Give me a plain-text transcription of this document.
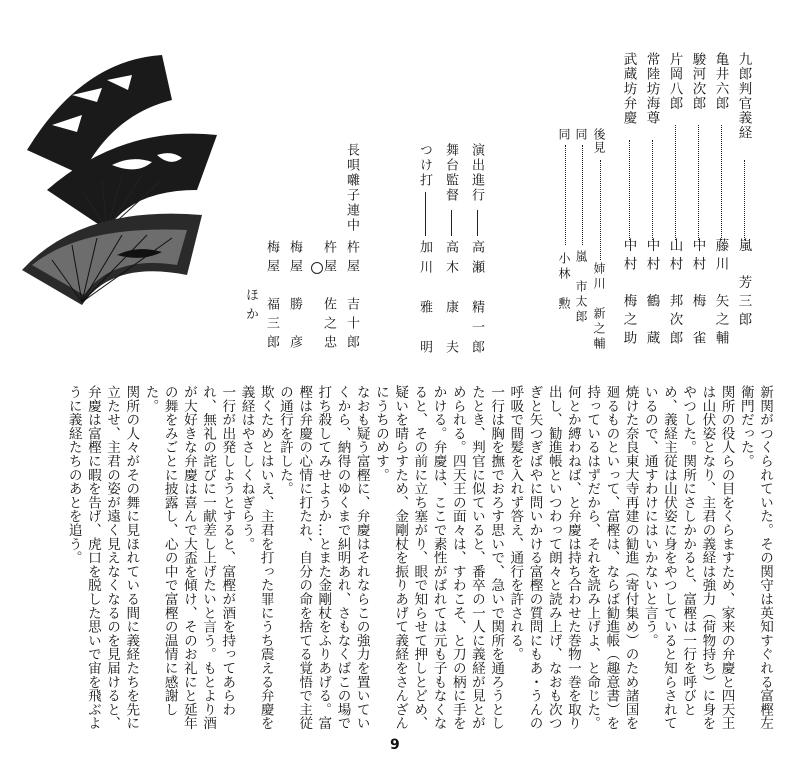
九郎判官義経
嵐　芳三郎
亀井六郎
藤川　矢之輔
駿河次郎
中村　梅　雀
片岡八郎
山村　邦次郎
常陸坊海尊
中村　鶴　蔵
武蔵坊弁慶
中村　梅之助
後見
姉川　新之輔
同
嵐　市太郎
同
小林　勲
演出進行
高瀬　精一郎
舞台監督
高木　康　夫
つけ打
加川　雅　明
長唄囃子連中
杵屋　吉十郎
杵屋　佐之忠
梅屋　勝　彦
梅屋　福三郎
ほか

新関がつくられていた。その関守は英知すぐれる富樫左衛門だった。

関所の役人らの目をくらますため、家来の弁慶と四天王は山伏姿となり、主君の義経は強力（荷物持ち）に身をやつした。関所にさしかかると、富樫は一行を呼びとめ、義経主従は山伏姿に身をやつしていると知らされているので、通すわけにはいかないと言う。

焼けた奈良東大寺再建の勧進（寄付集め）のため諸国を廻るものといって、富樫は、ならば勧進帳（趣意書）を持っているはずだから、それを読み上げよ、と命じた。何とか縛わねば、と弁慶は持ち合わせた巻物一巻を取り出し、勧進帳といつわって朗々と読み上げ、なおも次つぎと矢つぎばやに問いかける富樫の質問にもあ・うんの呼吸で間髪を入れず答え、通行を許される。

一行は胸を撫でおろす思いで、急いで関所を通ろうとしたとき、判官に似ていると、番卒の一人に義経が見とがめられる。四天王の面々は、すわこそ、と刀の柄に手をかける。弁慶は、ここで素性がばれては元も子もなくなると、その前に立ち塞がり、眼で知らせて押しとどめ、疑いを晴らすため、金剛杖を振りあげて義経をさんざんにうちのめす。

なおも疑う富樫に、弁慶はそれならこの強力を置いていくから、納得のゆくまで糾明あれ、さもなくばこの場で打ち殺してみせようか…とまた金剛杖をふりあげる。富樫は弁慶の心情に打たれ、自分の命を捨てる覚悟で主従の通行を許した。

欺くためとはいえ、主君を打った罪にうち震える弁慶を義経はやさしくねぎらう。

一行が出発しようとすると、富樫が酒を持ってあらわれ、無礼の詫びに一献差し上げたいと言う。もとより酒が大好きな弁慶は喜んで大盃を傾け、そのお礼にと延年の舞をみごとに披露し、心の中で富樫の温情に感謝した。

関所の人々がその舞に見ほれている間に義経たちを先に立たせ、主君の姿が遠く見えなくなるのを見届けると、弁慶は富樫に暇を告げ、虎口を脱した思いで宙を飛ぶように義経たちのあとを追う。

9
